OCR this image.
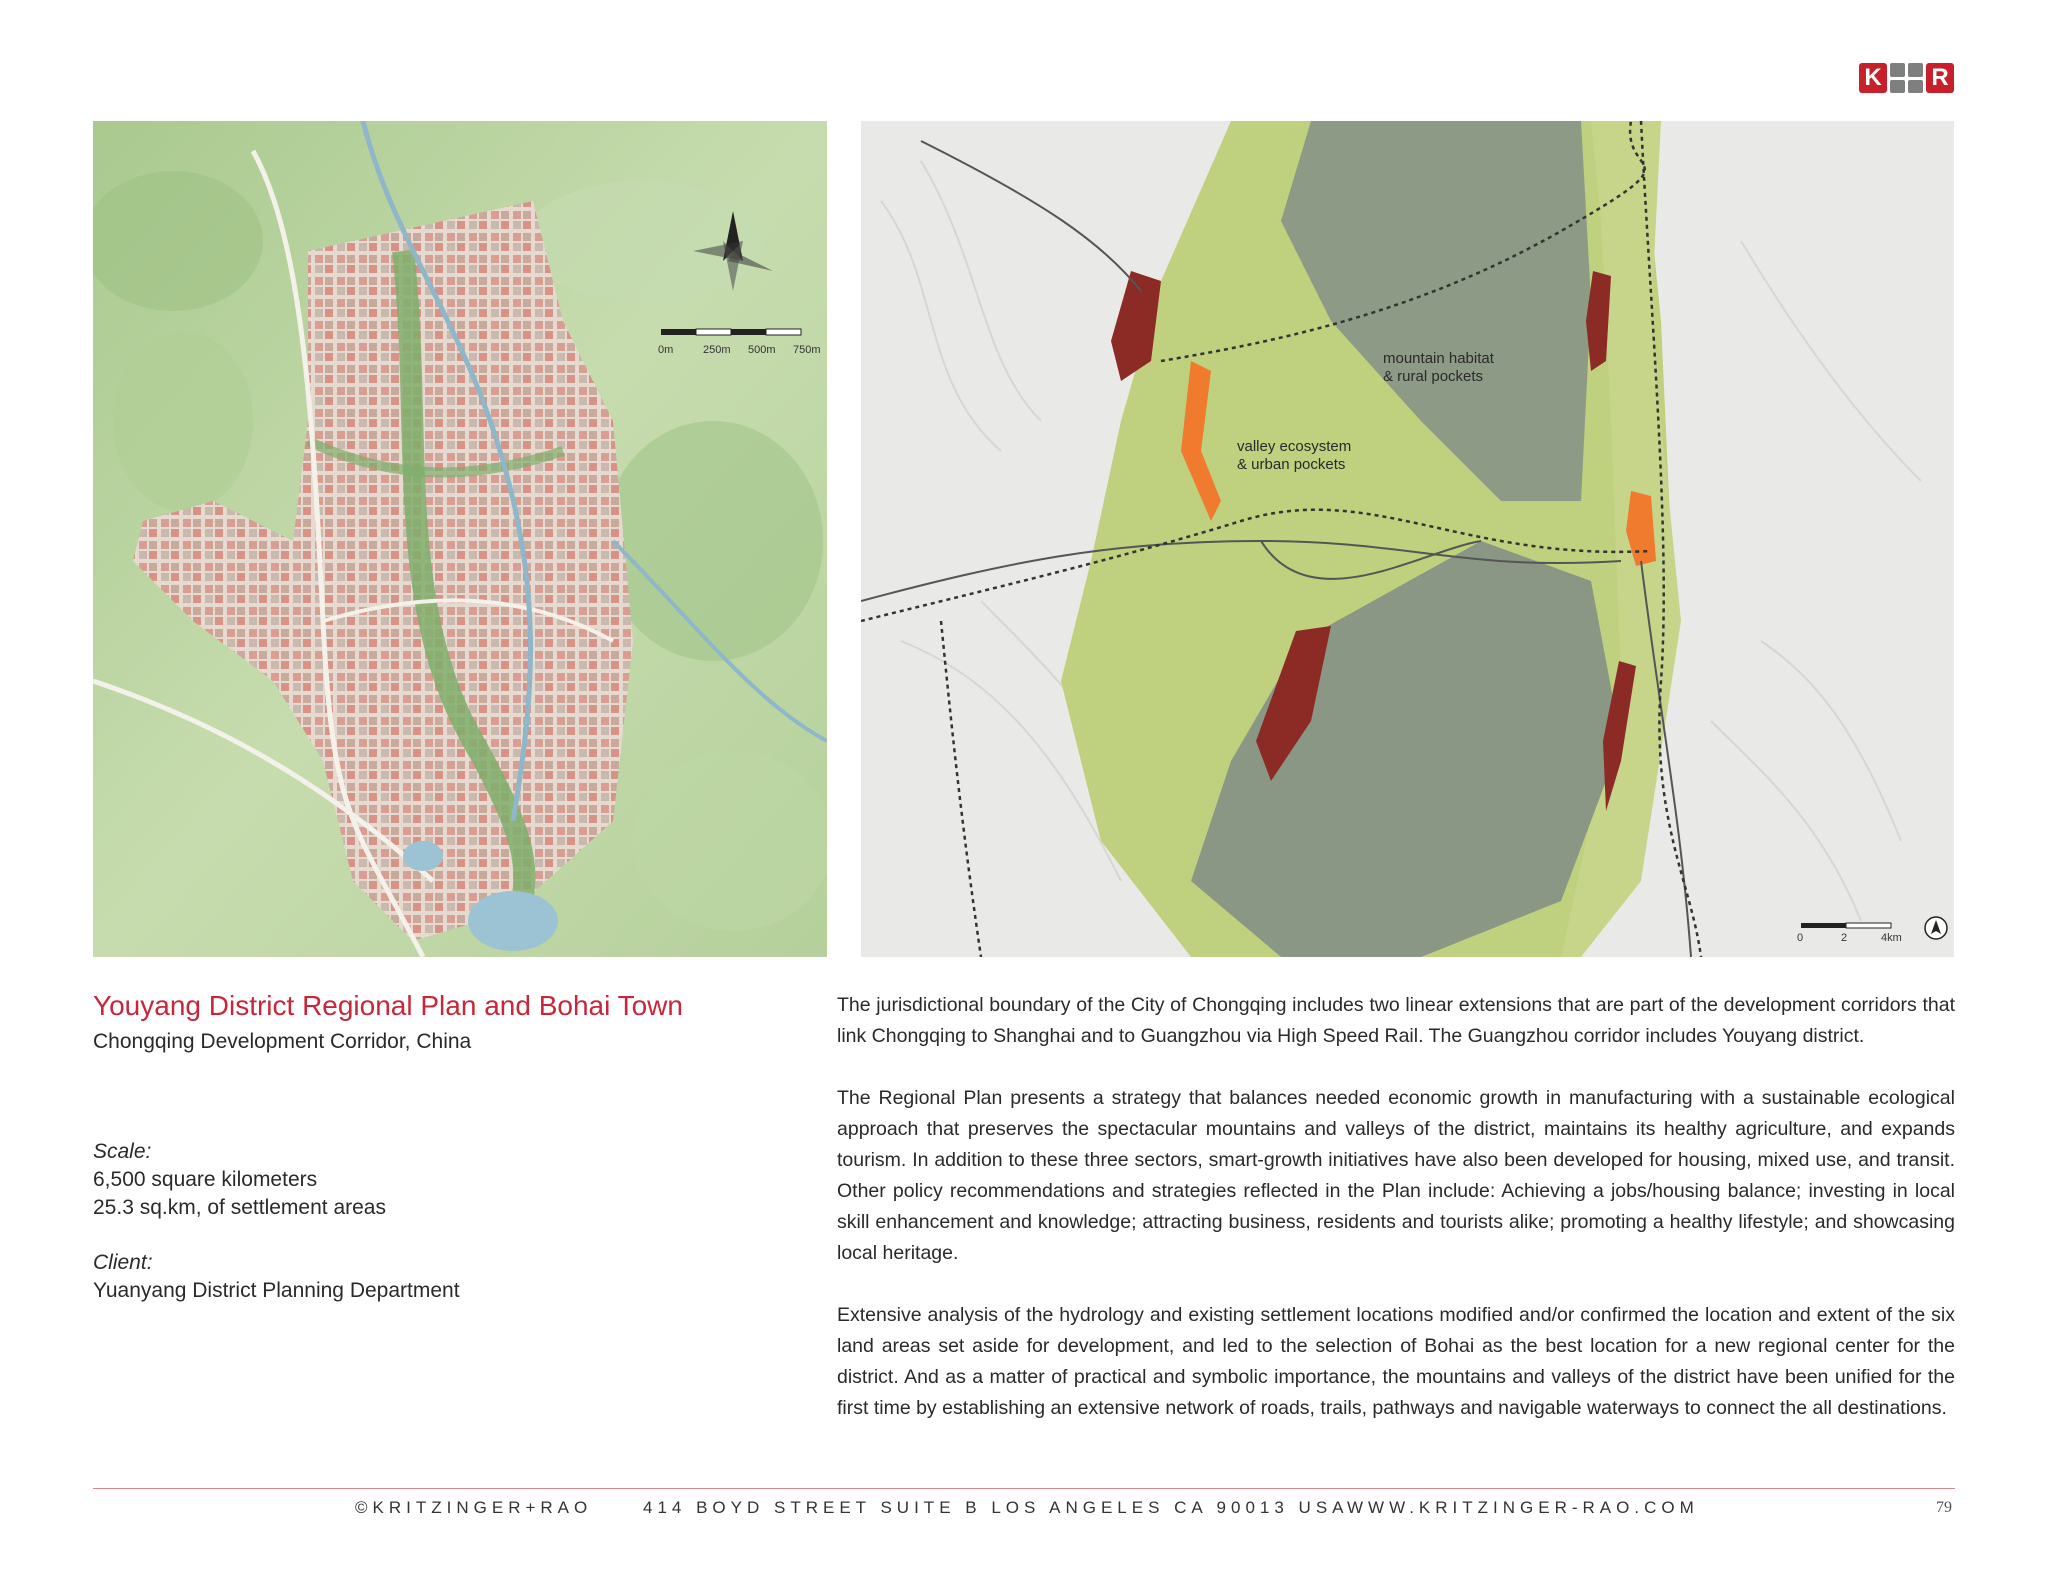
K R
0m	250m 500m 750m	mountain habitat
& rural pockets
valley ecosystem
& urban pockets
0	2	4km
Youyang District Regional Plan and Bohai Town
Chongqing Development Corridor, China
Scale:
6,500 square kilometers
25.3 sq.km, of settlement areas
Client:
Yuanyang District Planning Department

The jurisdictional boundary of the City of Chongqing includes two linear extensions that are part of the development corridors that link Chongqing to Shanghai and to Guangzhou via High Speed Rail. The Guangzhou corridor includes Youyang district.

The Regional Plan presents a strategy that balances needed economic growth in manufacturing with a sustainable ecological approach that preserves the spectacular mountains and valleys of the district, maintains its healthy agriculture, and expands tourism. In addition to these three sectors, smart-growth initiatives have also been developed for housing, mixed use, and transit. Other policy recommendations and strategies reflected in the Plan include: Achieving a jobs/housing balance; investing in local skill enhancement and knowledge; attracting business, residents and tourists alike; promoting a healthy lifestyle; and showcasing local heritage.

Extensive analysis of the hydrology and existing settlement locations modified and/or confirmed the location and extent of the six land areas set aside for development, and led to the selection of Bohai as the best location for a new regional center for the district. And as a matter of practical and symbolic importance, the mountains and valleys of the district have been unified for the first time by establishing an extensive network of roads, trails, pathways and navigable waterways to connect the all destinations.

©KRITZINGER+RAO	414 BOYD STREET SUITE B LOS ANGELES CA 90013 USA
WWW.KRITZINGER-RAO.COM	79
